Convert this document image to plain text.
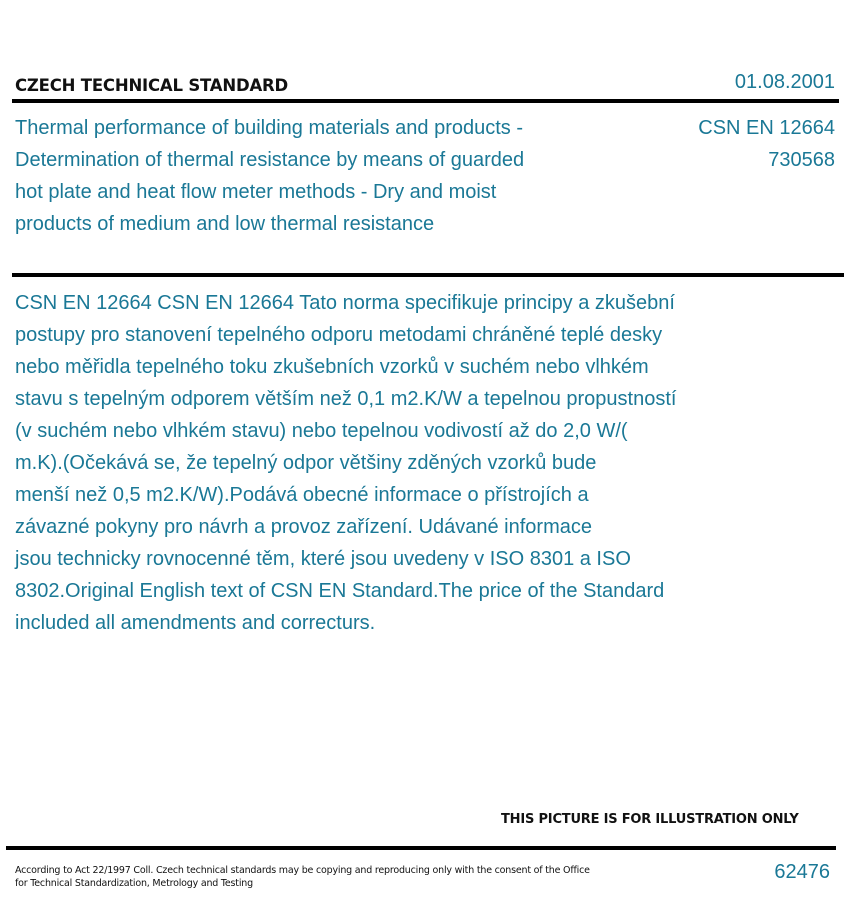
CZECH TECHNICAL STANDARD	01.08.2001
Thermal performance of building materials and products - Determination of thermal resistance by means of guarded hot plate and heat flow meter methods - Dry and moist products of medium and low thermal resistance
CSN EN 12664
730568
CSN EN 12664 CSN EN 12664 Tato norma specifikuje principy a zkušební
postupy pro stanovení tepelného odporu metodami chráněné teplé desky
nebo měřidla tepelného toku zkušebních vzorků v suchém nebo vlhkém
stavu s tepelným odporem větším než 0,1 m2.K/W a tepelnou propustností
(v suchém nebo vlhkém stavu) nebo tepelnou vodivostí až do 2,0 W/(
m.K).(Očekává se, že tepelný odpor většiny zděných vzorků bude
menší než 0,5 m2.K/W).Podává obecné informace o přístrojích a
závazné pokyny pro návrh a provoz zařízení. Udávané informace
jsou technicky rovnocenné těm, které jsou uvedeny v ISO 8301 a ISO
8302.Original English text of CSN EN Standard.The price of the Standard
included all amendments and correcturs.
THIS PICTURE IS FOR ILLUSTRATION ONLY
According to Act 22/1997 Coll. Czech technical standards may be copying and reproducing only with the consent of the Office for Technical Standardization, Metrology and Testing
62476
